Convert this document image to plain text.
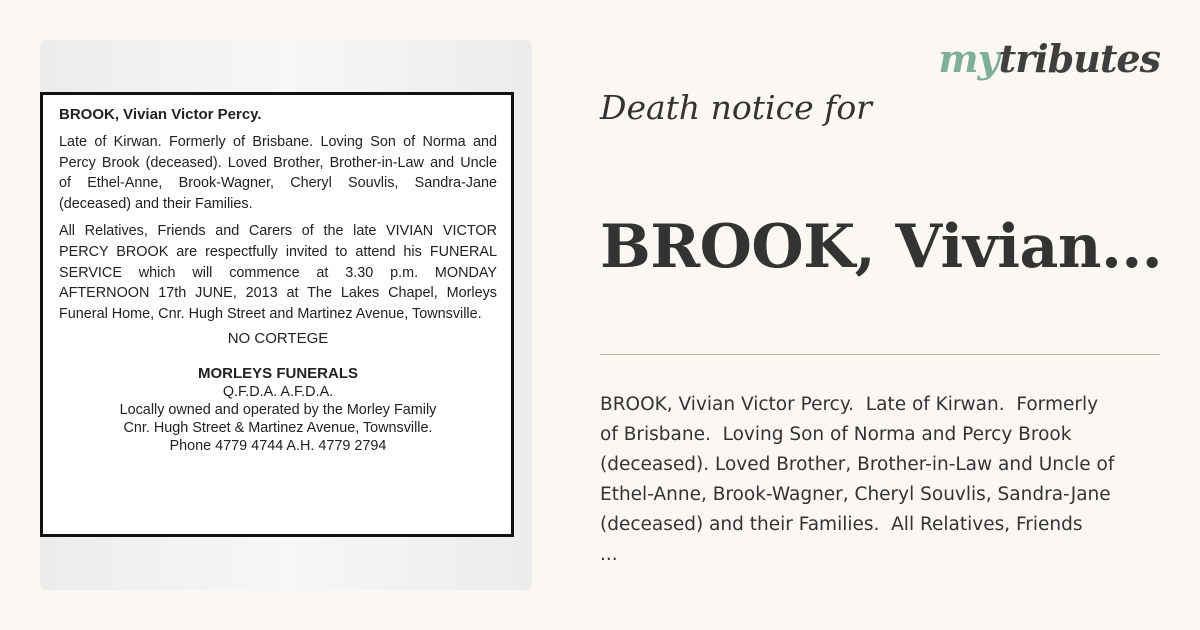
BROOK, Vivian Victor Percy.
Late of Kirwan. Formerly of Brisbane. Loving Son of Norma and Percy Brook (deceased). Loved Brother, Brother-in-Law and Uncle of Ethel-Anne, Brook-Wagner, Cheryl Souvlis, Sandra-Jane (deceased) and their Families.
All Relatives, Friends and Carers of the late VIVIAN VICTOR PERCY BROOK are respectfully invited to attend his FUNERAL SERVICE which will commence at 3.30 p.m. MONDAY AFTERNOON 17th JUNE, 2013 at The Lakes Chapel, Morleys Funeral Home, Cnr. Hugh Street and Martinez Avenue, Townsville.
NO CORTEGE
MORLEYS FUNERALS
Q.F.D.A. A.F.D.A.
Locally owned and operated by the Morley Family
Cnr. Hugh Street & Martinez Avenue, Townsville.
Phone 4779 4744 A.H. 4779 2794
mytributes
Death notice for
BROOK, Vivian...
BROOK, Vivian Victor Percy.  Late of Kirwan.  Formerly
of Brisbane.  Loving Son of Norma and Percy Brook
(deceased). Loved Brother, Brother-in-Law and Uncle of
Ethel-Anne, Brook-Wagner, Cheryl Souvlis, Sandra-Jane
(deceased) and their Families.  All Relatives, Friends
...
